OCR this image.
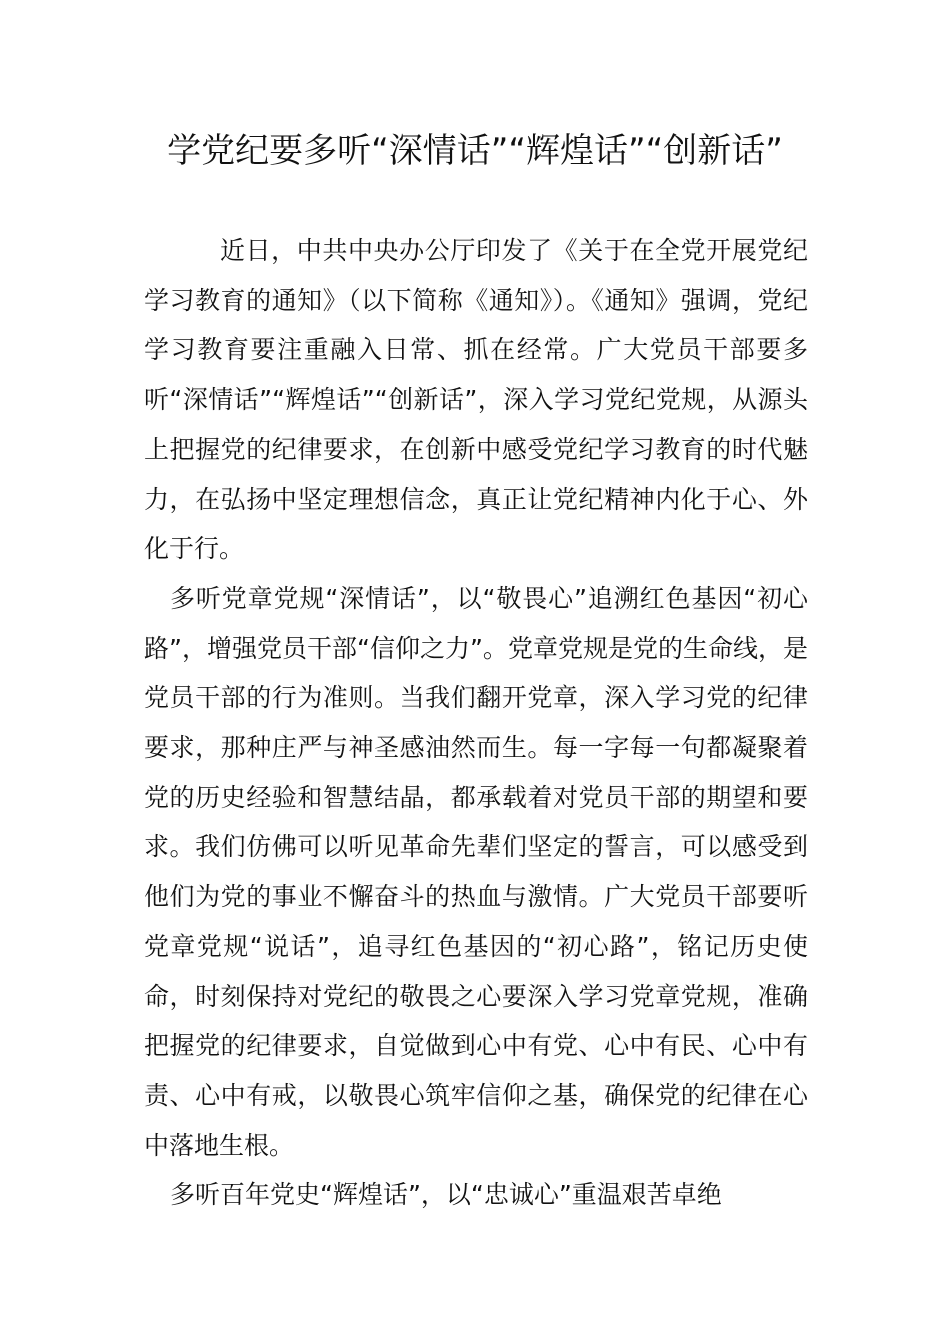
学党纪要多听“深情话”“辉煌话”“创新话”

近日，中共中央办公厅印发了《关于在全党开展党纪学习教育的通知》（以下简称《通知》）。《通知》强调，党纪学习教育要注重融入日常、抓在经常。广大党员干部要多听“深情话”“辉煌话”“创新话”，深入学习党纪党规，从源头上把握党的纪律要求，在创新中感受党纪学习教育的时代魅力，在弘扬中坚定理想信念，真正让党纪精神内化于心、外化于行。

多听党章党规“深情话”，以“敬畏心”追溯红色基因“初心路”，增强党员干部“信仰之力”。党章党规是党的生命线，是党员干部的行为准则。当我们翻开党章，深入学习党的纪律要求，那种庄严与神圣感油然而生。每一字每一句都凝聚着党的历史经验和智慧结晶，都承载着对党员干部的期望和要求。我们仿佛可以听见革命先辈们坚定的誓言，可以感受到他们为党的事业不懈奋斗的热血与激情。广大党员干部要听党章党规“说话”，追寻红色基因的“初心路”，铭记历史使命，时刻保持对党纪的敬畏之心要深入学习党章党规，准确把握党的纪律要求，自觉做到心中有党、心中有民、心中有责、心中有戒，以敬畏心筑牢信仰之基，确保党的纪律在心中落地生根。

多听百年党史“辉煌话”，以“忠诚心”重温艰苦卓绝
